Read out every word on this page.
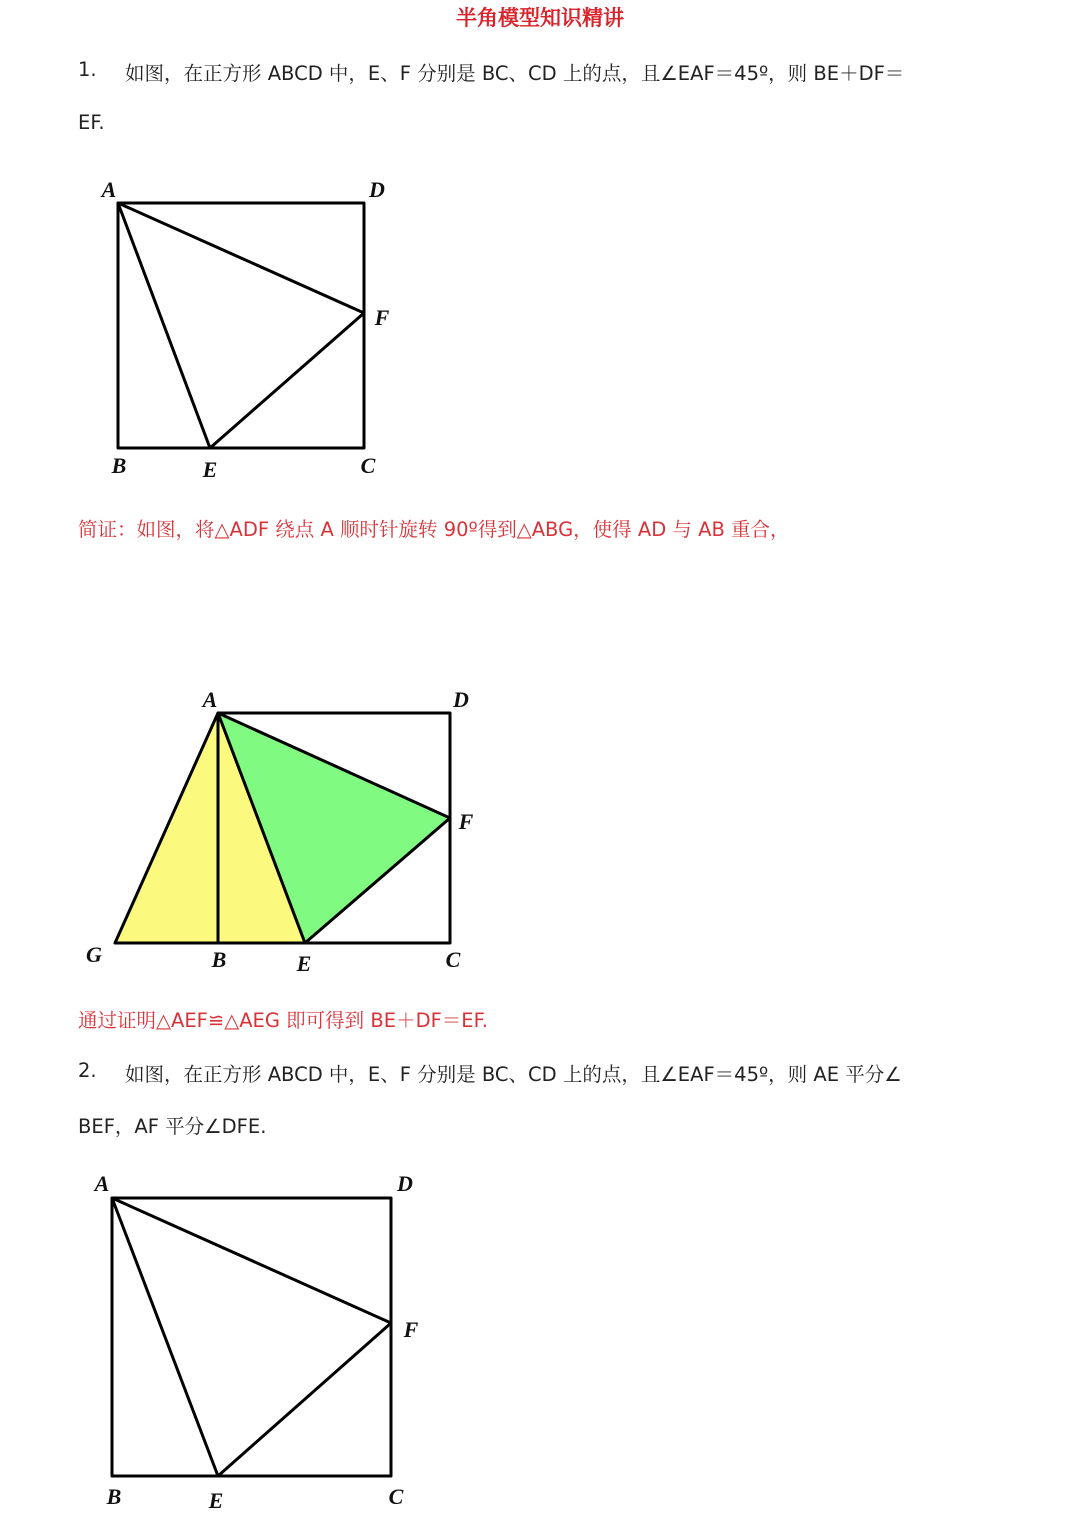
半角模型知识精讲
1. 如图，在正方形 ABCD 中，E、F 分别是 BC、CD 上的点，且∠EAF＝45º，则 BE＋DF＝
EF.
A	D
F
B	E	C
A	D
F
G	B	E	C
A	D
F
B	E	C
简证：如图，将△ADF 绕点 A 顺时针旋转 90º得到△ABG，使得 AD 与 AB 重合，
通过证明△AEF≌△AEG 即可得到 BE＋DF＝EF.
2. 如图，在正方形 ABCD 中，E、F 分别是 BC、CD 上的点，且∠EAF＝45º，则 AE 平分∠
BEF，AF 平分∠DFE.
